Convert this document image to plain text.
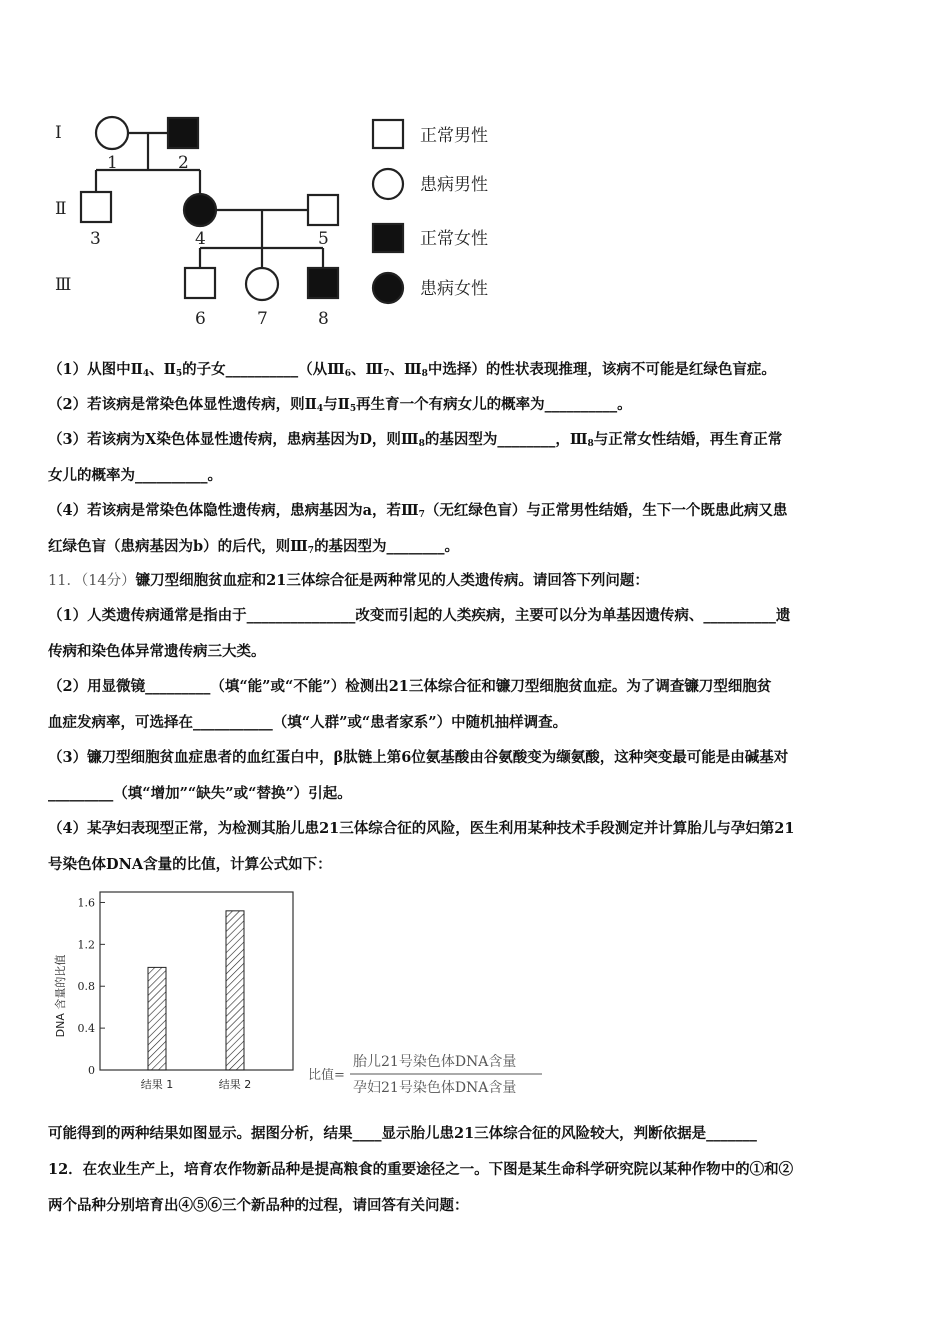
Ⅰ
Ⅱ
Ⅲ
1	2
3	4	5
6	7	8
正常男性
患病男性
正常女性
患病女性
（1）从图中$Ⅱ_4$、$Ⅱ_5$的子女__________（从$Ⅲ_6$、$Ⅲ_7$、$Ⅲ_8$中选择）的性状表现推理，该病不可能是红绿色盲症。
（2）若该病是常染色体显性遗传病，则$Ⅱ_4$与$Ⅱ_5$再生育一个有病女儿的概率为__________。
（3）若该病为X染色体显性遗传病，患病基因为D，则$Ⅲ_8$的基因型为________，$Ⅲ_8$与正常女性结婚，再生育正常
女儿的概率为__________。
（4）若该病是常染色体隐性遗传病，患病基因为a，若$Ⅲ_7$（无红绿色盲）与正常男性结婚，生下一个既患此病又患
红绿色盲（患病基因为b）的后代，则$Ⅲ_7$的基因型为________。
11．（14分）镰刀型细胞贫血症和21三体综合征是两种常见的人类遗传病。请回答下列问题：
（1）人类遗传病通常是指由于_______________改变而引起的人类疾病，主要可以分为单基因遗传病、__________遗
传病和染色体异常遗传病三大类。
（2）用显微镜_________（填“能”或“不能”）检测出21三体综合征和镰刀型细胞贫血症。为了调查镰刀型细胞贫
血症发病率，可选择在___________（填“人群”或“患者家系”）中随机抽样调查。
（3）镰刀型细胞贫血症患者的血红蛋白中，β肽链上第6位氨基酸由谷氨酸变为缬氨酸，这种突变最可能是由碱基对
_________（填“增加”“缺失”或“替换”）引起。
（4）某孕妇表现型正常，为检测其胎儿患21三体综合征的风险，医生利用某种技术手段测定并计算胎儿与孕妇第21
号染色体DNA含量的比值，计算公式如下：
DNA 含量的比值
0
0.4
0.8
1.2
1.6
结果 1	结果 2
比值=
胎儿21号染色体DNA含量
孕妇21号染色体DNA含量
可能得到的两种结果如图显示。据图分析，结果____显示胎儿患21三体综合征的风险较大，判断依据是_______
12．在农业生产上，培育农作物新品种是提高粮食的重要途径之一。下图是某生命科学研究院以某种作物中的①和②
两个品种分别培育出④⑤⑥三个新品种的过程，请回答有关问题：
